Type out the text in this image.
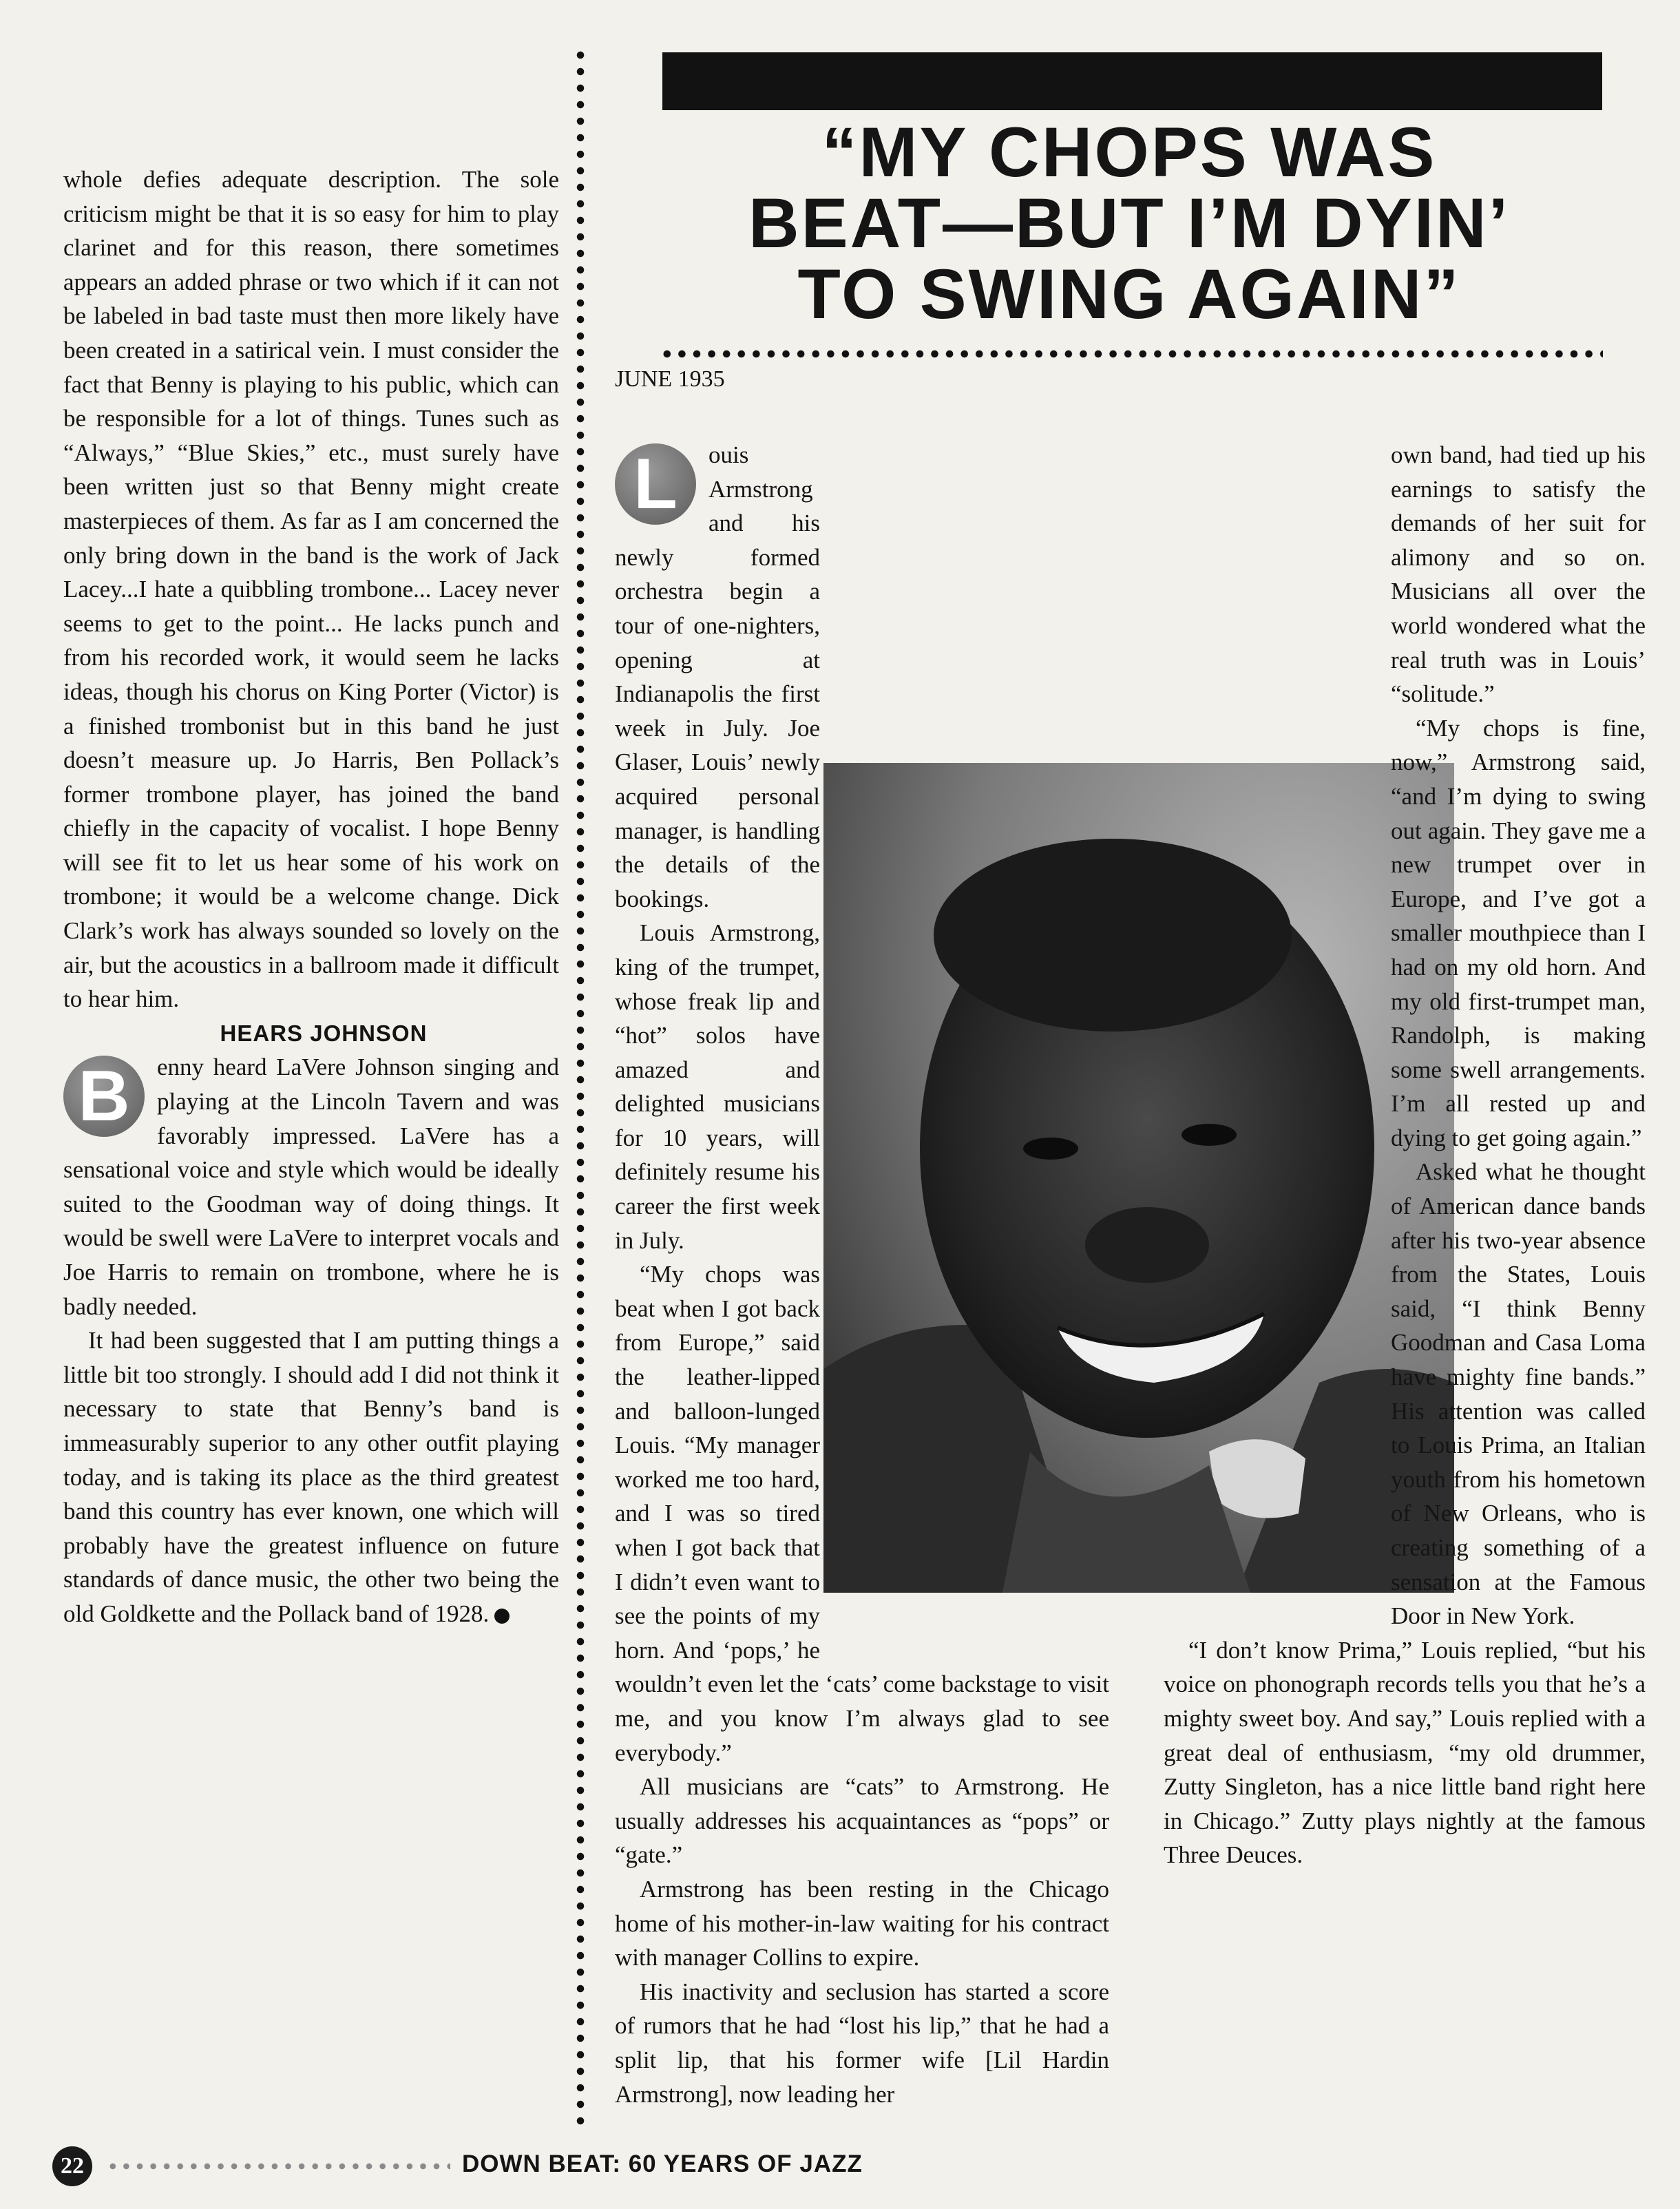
whole defies adequate description. The sole criticism might be that it is so easy for him to play clarinet and for this reason, there sometimes appears an added phrase or two which if it can not be labeled in bad taste must then more likely have been created in a satirical vein. I must consider the fact that Benny is playing to his public, which can be responsible for a lot of things. Tunes such as “Always,” “Blue Skies,” etc., must surely have been written just so that Benny might create masterpieces of them. As far as I am concerned the only bring down in the band is the work of Jack Lacey...I hate a quibbling trombone... Lacey never seems to get to the point... He lacks punch and from his recorded work, it would seem he lacks ideas, though his chorus on King Porter (Victor) is a finished trombonist but in this band he just doesn’t measure up. Jo Harris, Ben Pollack’s former trombone player, has joined the band chiefly in the capacity of vocalist. I hope Benny will see fit to let us hear some of his work on trombone; it would be a welcome change. Dick Clark’s work has always sounded so lovely on the air, but the acoustics in a ballroom made it difficult to hear him.

HEARS JOHNSON

B	enny heard LaVere Johnson singing and playing at the Lincoln Tavern and was favorably impressed. LaVere has a sensational voice and style which would be ideally suited to the Goodman way of doing things. It would be swell were LaVere to interpret vocals and Joe Harris to remain on trombone, where he is badly needed.

It had been suggested that I am putting things a little bit too strongly. I should add I did not think it necessary to state that Benny’s band is immeasurably superior to any other outfit playing today, and is taking its place as the third greatest band this country has ever known, one which will probably have the greatest influence on future standards of dance music, the other two being the old Goldkette and the Pollack band of 1928.

“MY CHOPS WAS
BEAT—BUT I’M DYIN’
TO SWING AGAIN”
JUNE 1935

L	ouis Armstrong and his newly formed orchestra begin a tour of one-nighters, opening at Indianapolis the first week in July. Joe Glaser, Louis’ newly acquired personal manager, is handling the details of the bookings.

Louis Armstrong, king of the trumpet, whose freak lip and “hot” solos have amazed and delighted musicians for 10 years, will definitely resume his career the first week in July.

“My chops was beat when I got back from Europe,” said the leather-lipped and balloon-lunged Louis. “My manager worked me too hard, and I was so tired when I got back that I didn’t even want to see the points of my horn. And ‘pops,’ he wouldn’t even let the ‘cats’ come backstage to visit me, and you know I’m always glad to see everybody.”

All musicians are “cats” to Armstrong. He usually addresses his acquaintances as “pops” or “gate.”

Armstrong has been resting in the Chicago home of his mother-in-law waiting for his contract with manager Collins to expire.

His inactivity and seclusion has started a score of rumors that he had “lost his lip,” that he had a split lip, that his former wife [Lil Hardin Armstrong], now leading her

own band, had tied up his earnings to satisfy the demands of her suit for alimony and so on. Musicians all over the world wondered what the real truth was in Louis’ “solitude.”

“My chops is fine, now,” Armstrong said, “and I’m dying to swing out again. They gave me a new trumpet over in Europe, and I’ve got a smaller mouthpiece than I had on my old horn. And my old first-trumpet man, Randolph, is making some swell arrangements. I’m all rested up and dying to get going again.”

Asked what he thought of American dance bands after his two-year absence from the States, Louis said, “I think Benny Goodman and Casa Loma have mighty fine bands.” His attention was called to Louis Prima, an Italian youth from his hometown of New Orleans, who is creating something of a sensation at the Famous Door in New York.

“I don’t know Prima,” Louis replied, “but his voice on phonograph records tells you that he’s a mighty sweet boy. And say,” Louis replied with a great deal of enthusiasm, “my old drummer, Zutty Singleton, has a nice little band right here in Chicago.” Zutty plays nightly at the famous Three Deuces.

22	DOWN BEAT: 60 YEARS OF JAZZ
